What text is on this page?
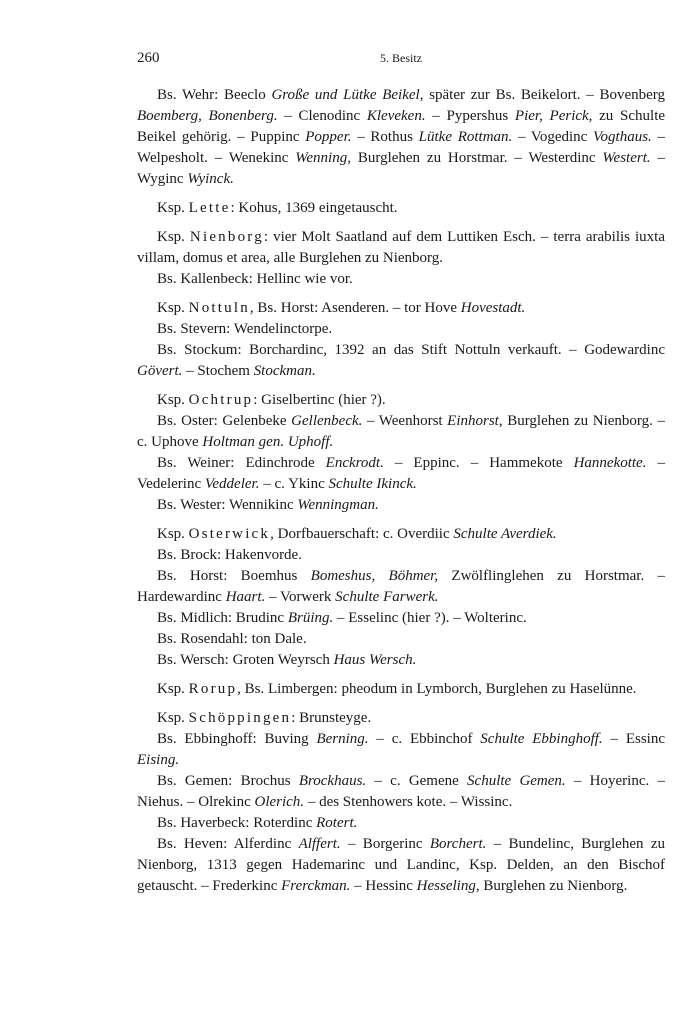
260	5. Besitz

Bs. Wehr: Beeclo Große und Lütke Beikel, später zur Bs. Beikelort. – Bovenberg Boemberg, Bonenberg. – Clenodinc Kleveken. – Pypershus Pier, Perick, zu Schulte Beikel gehörig. – Puppinc Popper. – Rothus Lütke Rottman. – Vogedinc Vogthaus. – Welpesholt. – Wenekinc Wenning, Burglehen zu Horstmar. – Westerdinc Westert. – Wyginc Wyinck.

Ksp. Lette: Kohus, 1369 eingetauscht.

Ksp. Nienborg: vier Molt Saatland auf dem Luttiken Esch. – terra arabilis iuxta villam, domus et area, alle Burglehen zu Nienborg.

Bs. Kallenbeck: Hellinc wie vor.

Ksp. Nottuln, Bs. Horst: Asenderen. – tor Hove Hovestadt.

Bs. Stevern: Wendelinctorpe.

Bs. Stockum: Borchardinc, 1392 an das Stift Nottuln verkauft. – Godewardinc Gövert. – Stochem Stockman.

Ksp. Ochtrup: Giselbertinc (hier ?).

Bs. Oster: Gelenbeke Gellenbeck. – Weenhorst Einhorst, Burglehen zu Nienborg. – c. Uphove Holtman gen. Uphoff.

Bs. Weiner: Edinchrode Enckrodt. – Eppinc. – Hammekote Hannekotte. – Vedelerinc Veddeler. – c. Ykinc Schulte Ikinck.

Bs. Wester: Wennikinc Wenningman.

Ksp. Osterwick, Dorfbauerschaft: c. Overdiic Schulte Averdiek.

Bs. Brock: Hakenvorde.

Bs. Horst: Boemhus Bomeshus, Böhmer, Zwölflinglehen zu Horstmar. – Hardewardinc Haart. – Vorwerk Schulte Farwerk.

Bs. Midlich: Brudinc Brüing. – Esselinc (hier ?). – Wolterinc.

Bs. Rosendahl: ton Dale.

Bs. Wersch: Groten Weyrsch Haus Wersch.

Ksp. Rorup, Bs. Limbergen: pheodum in Lymborch, Burglehen zu Haselünne.

Ksp. Schöppingen: Brunsteyge.

Bs. Ebbinghoff: Buving Berning. – c. Ebbinchof Schulte Ebbinghoff. – Essinc Eising.

Bs. Gemen: Brochus Brockhaus. – c. Gemene Schulte Gemen. – Hoyerinc. – Niehus. – Olrekinc Olerich. – des Stenhowers kote. – Wissinc.

Bs. Haverbeck: Roterdinc Rotert.

Bs. Heven: Alferdinc Alffert. – Borgerinc Borchert. – Bundelinc, Burglehen zu Nienborg, 1313 gegen Hademarinc und Landinc, Ksp. Delden, an den Bischof getauscht. – Frederkinc Frerckman. – Hessinc Hesseling, Burglehen zu Nienborg.
